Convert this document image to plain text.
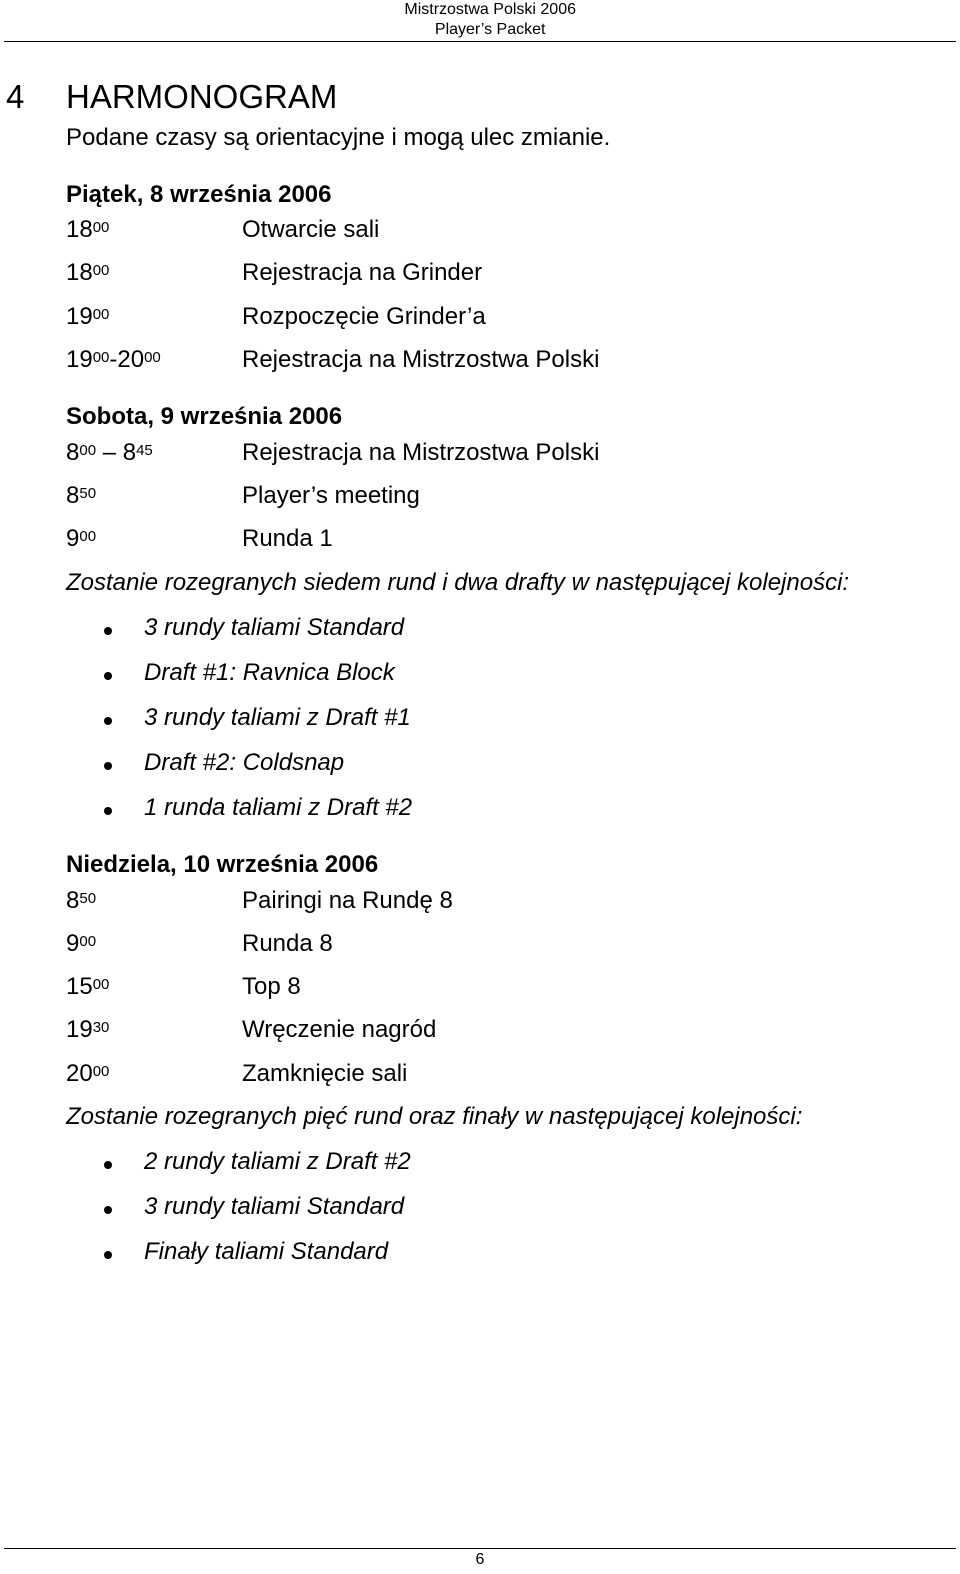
Mistrzostwa Polski 2006
Player’s Packet
4 HARMONOGRAM
Podane czasy są orientacyjne i mogą ulec zmianie.
Piątek, 8 września 2006
$18^{00}$	Otwarcie sali
$18^{00}$	Rejestracja na Grinder
$19^{00}$	Rozpoczęcie Grinder’a
$19^{00}-20^{00}$	Rejestracja na Mistrzostwa Polski
Sobota, 9 września 2006
$8^{00} - 8^{45}$	Rejestracja na Mistrzostwa Polski
$8^{50}$	Player’s meeting
$9^{00}$	Runda 1
Zostanie rozegranych siedem rund i dwa drafty w następującej kolejności:
3 rundy taliami Standard
Draft #1: Ravnica Block
3 rundy taliami z Draft #1
Draft #2: Coldsnap
1 runda taliami z Draft #2
Niedziela, 10 września 2006
$8^{50}$	Pairingi na Rundę 8
$9^{00}$	Runda 8
$15^{00}$	Top 8
$19^{30}$	Wręczenie nagród
$20^{00}$	Zamknięcie sali
Zostanie rozegranych pięć rund oraz finały w następującej kolejności:
2 rundy taliami z Draft #2
3 rundy taliami Standard
Finały taliami Standard
6
